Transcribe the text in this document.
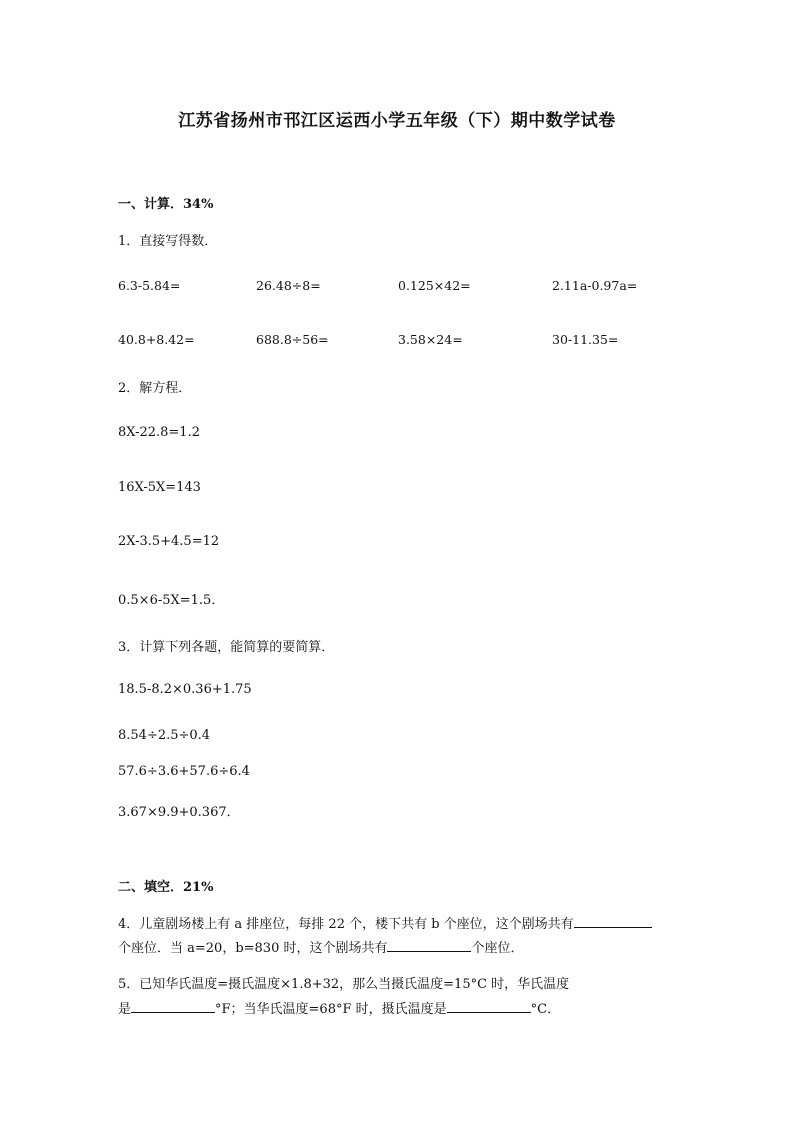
江苏省扬州市邗江区运西小学五年级（下）期中数学试卷
一、计算．34%
1．直接写得数．
6.3-5.84=	26.48÷8=	0.125×42=	2.11a-0.97a=
40.8+8.42=	688.8÷56=	3.58×24=	30-11.35=
2．解方程．
8X-22.8=1.2
16X-5X=143
2X-3.5+4.5=12
0.5×6-5X=1.5．
3．计算下列各题，能简算的要简算．
18.5-8.2×0.36+1.75
8.54÷2.5÷0.4
57.6÷3.6+57.6÷6.4
3.67×9.9+0.367．
二、填空．21%
4．儿童剧场楼上有 a 排座位，每排 22 个，楼下共有 b 个座位，这个剧场共有
个座位．当 a=20，b=830 时，这个剧场共有	个座位．
5．已知华氏温度=摄氏温度×1.8+32，那么当摄氏温度=15°C 时，华氏温度
是	°F；当华氏温度=68°F 时，摄氏温度是	°C．
